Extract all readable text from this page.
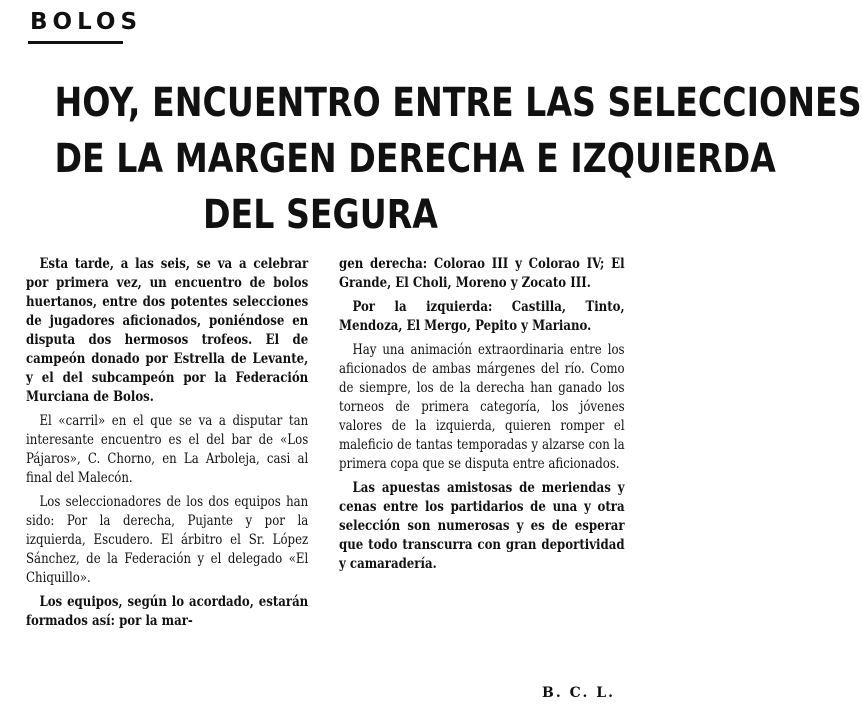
BOLOS
HOY, ENCUENTRO ENTRE LAS SELECCIONES
DE LA MARGEN DERECHA E IZQUIERDA
DEL SEGURA

Esta tarde, a las seis, se va a celebrar por primera vez, un encuentro de bolos huertanos, entre dos potentes selecciones de jugadores aficionados, poniéndose en disputa dos hermosos trofeos. El de campeón donado por Estrella de Levante, y el del subcampeón por la Federación Murciana de Bolos.

El «carril» en el que se va a disputar tan interesante encuentro es el del bar de «Los Pájaros», C. Chorno, en La Arboleja, casi al final del Malecón.

Los seleccionadores de los dos equipos han sido: Por la derecha, Pujante y por la izquierda, Escudero. El árbitro el Sr. López Sánchez, de la Federación y el delegado «El Chiquillo».

Los equipos, según lo acordado, estarán formados así: por la mar-

gen derecha: Colorao III y Colorao IV; El Grande, El Choli, Moreno y Zocato III.

Por la izquierda: Castilla, Tinto, Mendoza, El Mergo, Pepito y Mariano.

Hay una animación extraordinaria entre los aficionados de ambas márgenes del río. Como de siempre, los de la derecha han ganado los torneos de primera categoría, los jóvenes valores de la izquierda, quieren romper el maleficio de tantas temporadas y alzarse con la primera copa que se disputa entre aficionados.

Las apuestas amistosas de meriendas y cenas entre los partidarios de una y otra selección son numerosas y es de esperar que todo transcurra con gran deportividad y camaradería.

B. C. L.
